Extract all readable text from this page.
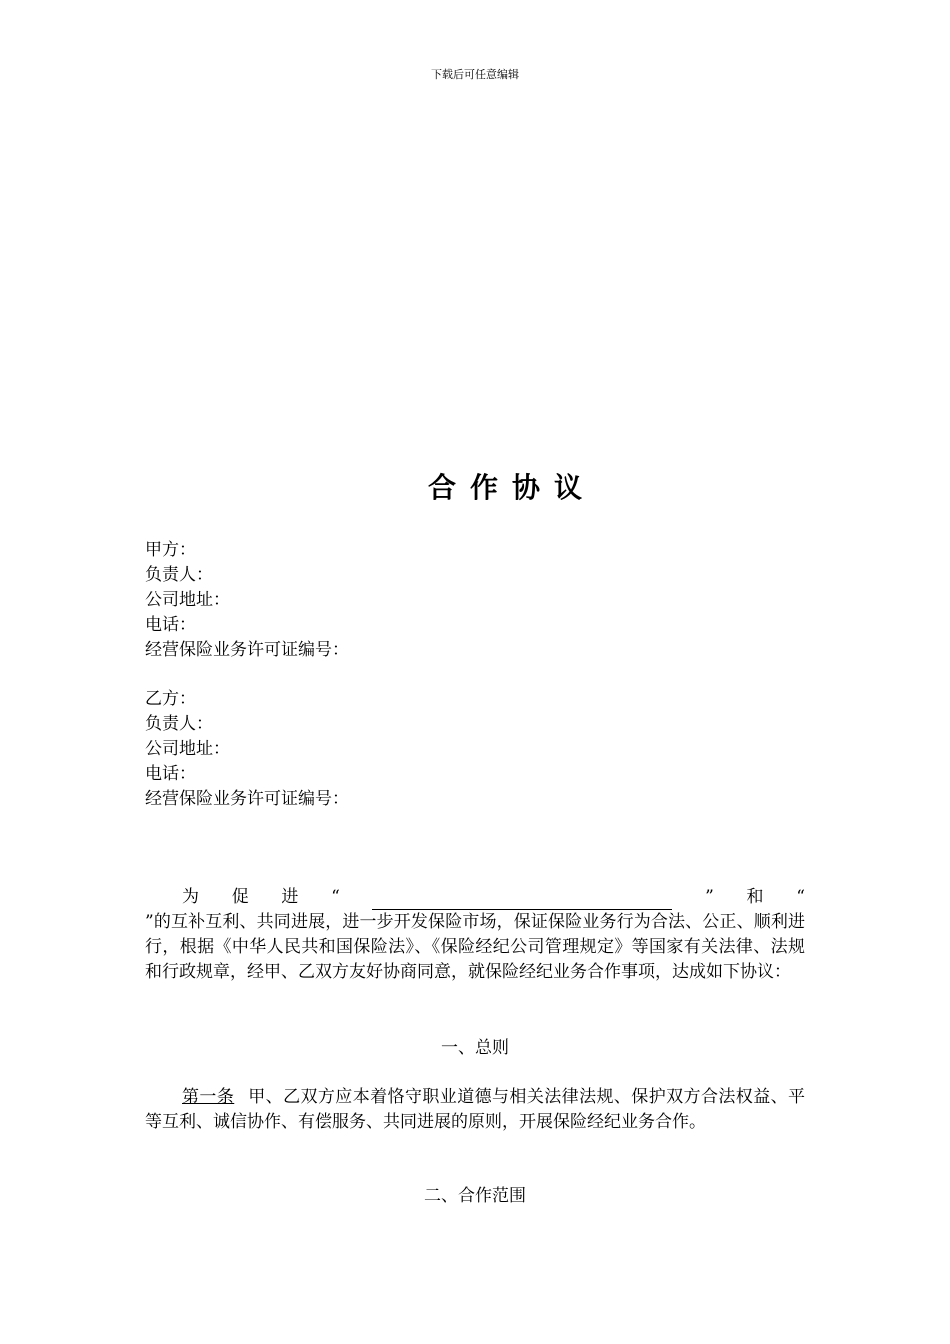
下载后可任意编辑
合作协议
甲方：
负责人：
公司地址：
电话：
经营保险业务许可证编号：
乙方：
负责人：
公司地址：
电话：
经营保险业务许可证编号：
为 促 进 “	” 和 “
”的互补互利、共同进展，进一步开发保险市场，保证保险业务行为合法、公正、顺利进行，根据《中华人民共和国保险法》、《保险经纪公司管理规定》等国家有关法律、法规和行政规章，经甲、乙双方友好协商同意，就保险经纪业务合作事项，达成如下协议：
一、总则
第一条 甲、乙双方应本着恪守职业道德与相关法律法规、保护双方合法权益、平等互利、诚信协作、有偿服务、共同进展的原则，开展保险经纪业务合作。
二、合作范围
